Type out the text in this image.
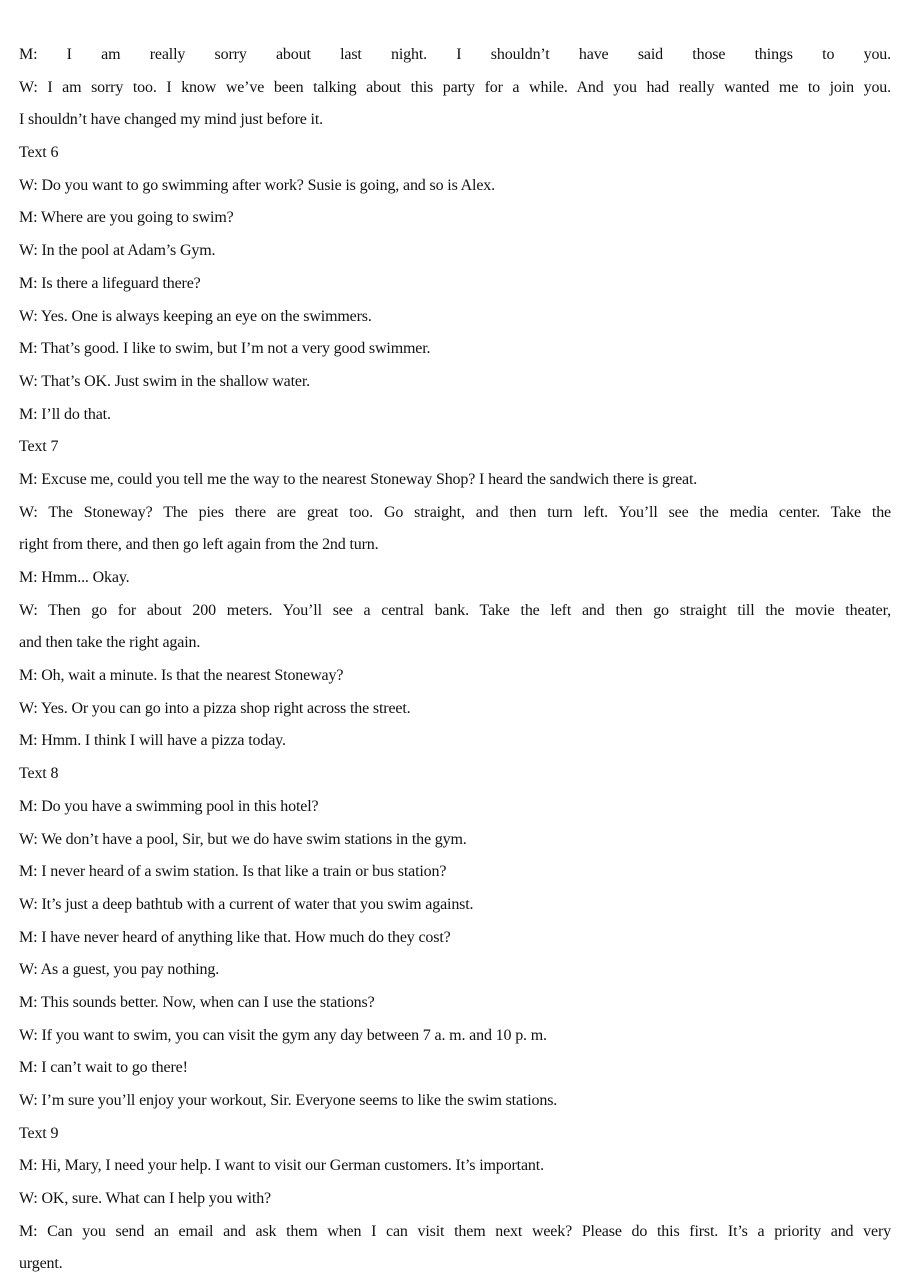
M: I am really sorry about last night. I shouldn’t have said those things to you.
W: I am sorry too. I know we’ve been talking about this party for a while. And you had really wanted me to join you.
I shouldn’t have changed my mind just before it.
Text 6
W: Do you want to go swimming after work? Susie is going, and so is Alex.
M: Where are you going to swim?
W: In the pool at Adam’s Gym.
M: Is there a lifeguard there?
W: Yes. One is always keeping an eye on the swimmers.
M: That’s good. I like to swim, but I’m not a very good swimmer.
W: That’s OK. Just swim in the shallow water.
M: I’ll do that.
Text 7
M: Excuse me, could you tell me the way to the nearest Stoneway Shop? I heard the sandwich there is great.
W: The Stoneway? The pies there are great too. Go straight, and then turn left. You’ll see the media center. Take the
right from there, and then go left again from the 2nd turn.
M: Hmm... Okay.
W: Then go for about 200 meters. You’ll see a central bank. Take the left and then go straight till the movie theater,
and then take the right again.
M: Oh, wait a minute. Is that the nearest Stoneway?
W: Yes. Or you can go into a pizza shop right across the street.
M: Hmm. I think I will have a pizza today.
Text 8
M: Do you have a swimming pool in this hotel?
W: We don’t have a pool, Sir, but we do have swim stations in the gym.
M: I never heard of a swim station. Is that like a train or bus station?
W: It’s just a deep bathtub with a current of water that you swim against.
M: I have never heard of anything like that. How much do they cost?
W: As a guest, you pay nothing.
M: This sounds better. Now, when can I use the stations?
W: If you want to swim, you can visit the gym any day between 7 a. m. and 10 p. m.
M: I can’t wait to go there!
W: I’m sure you’ll enjoy your workout, Sir. Everyone seems to like the swim stations.
Text 9
M: Hi, Mary, I need your help. I want to visit our German customers. It’s important.
W: OK, sure. What can I help you with?
M: Can you send an email and ask them when I can visit them next week? Please do this first. It’s a priority and very
urgent.
